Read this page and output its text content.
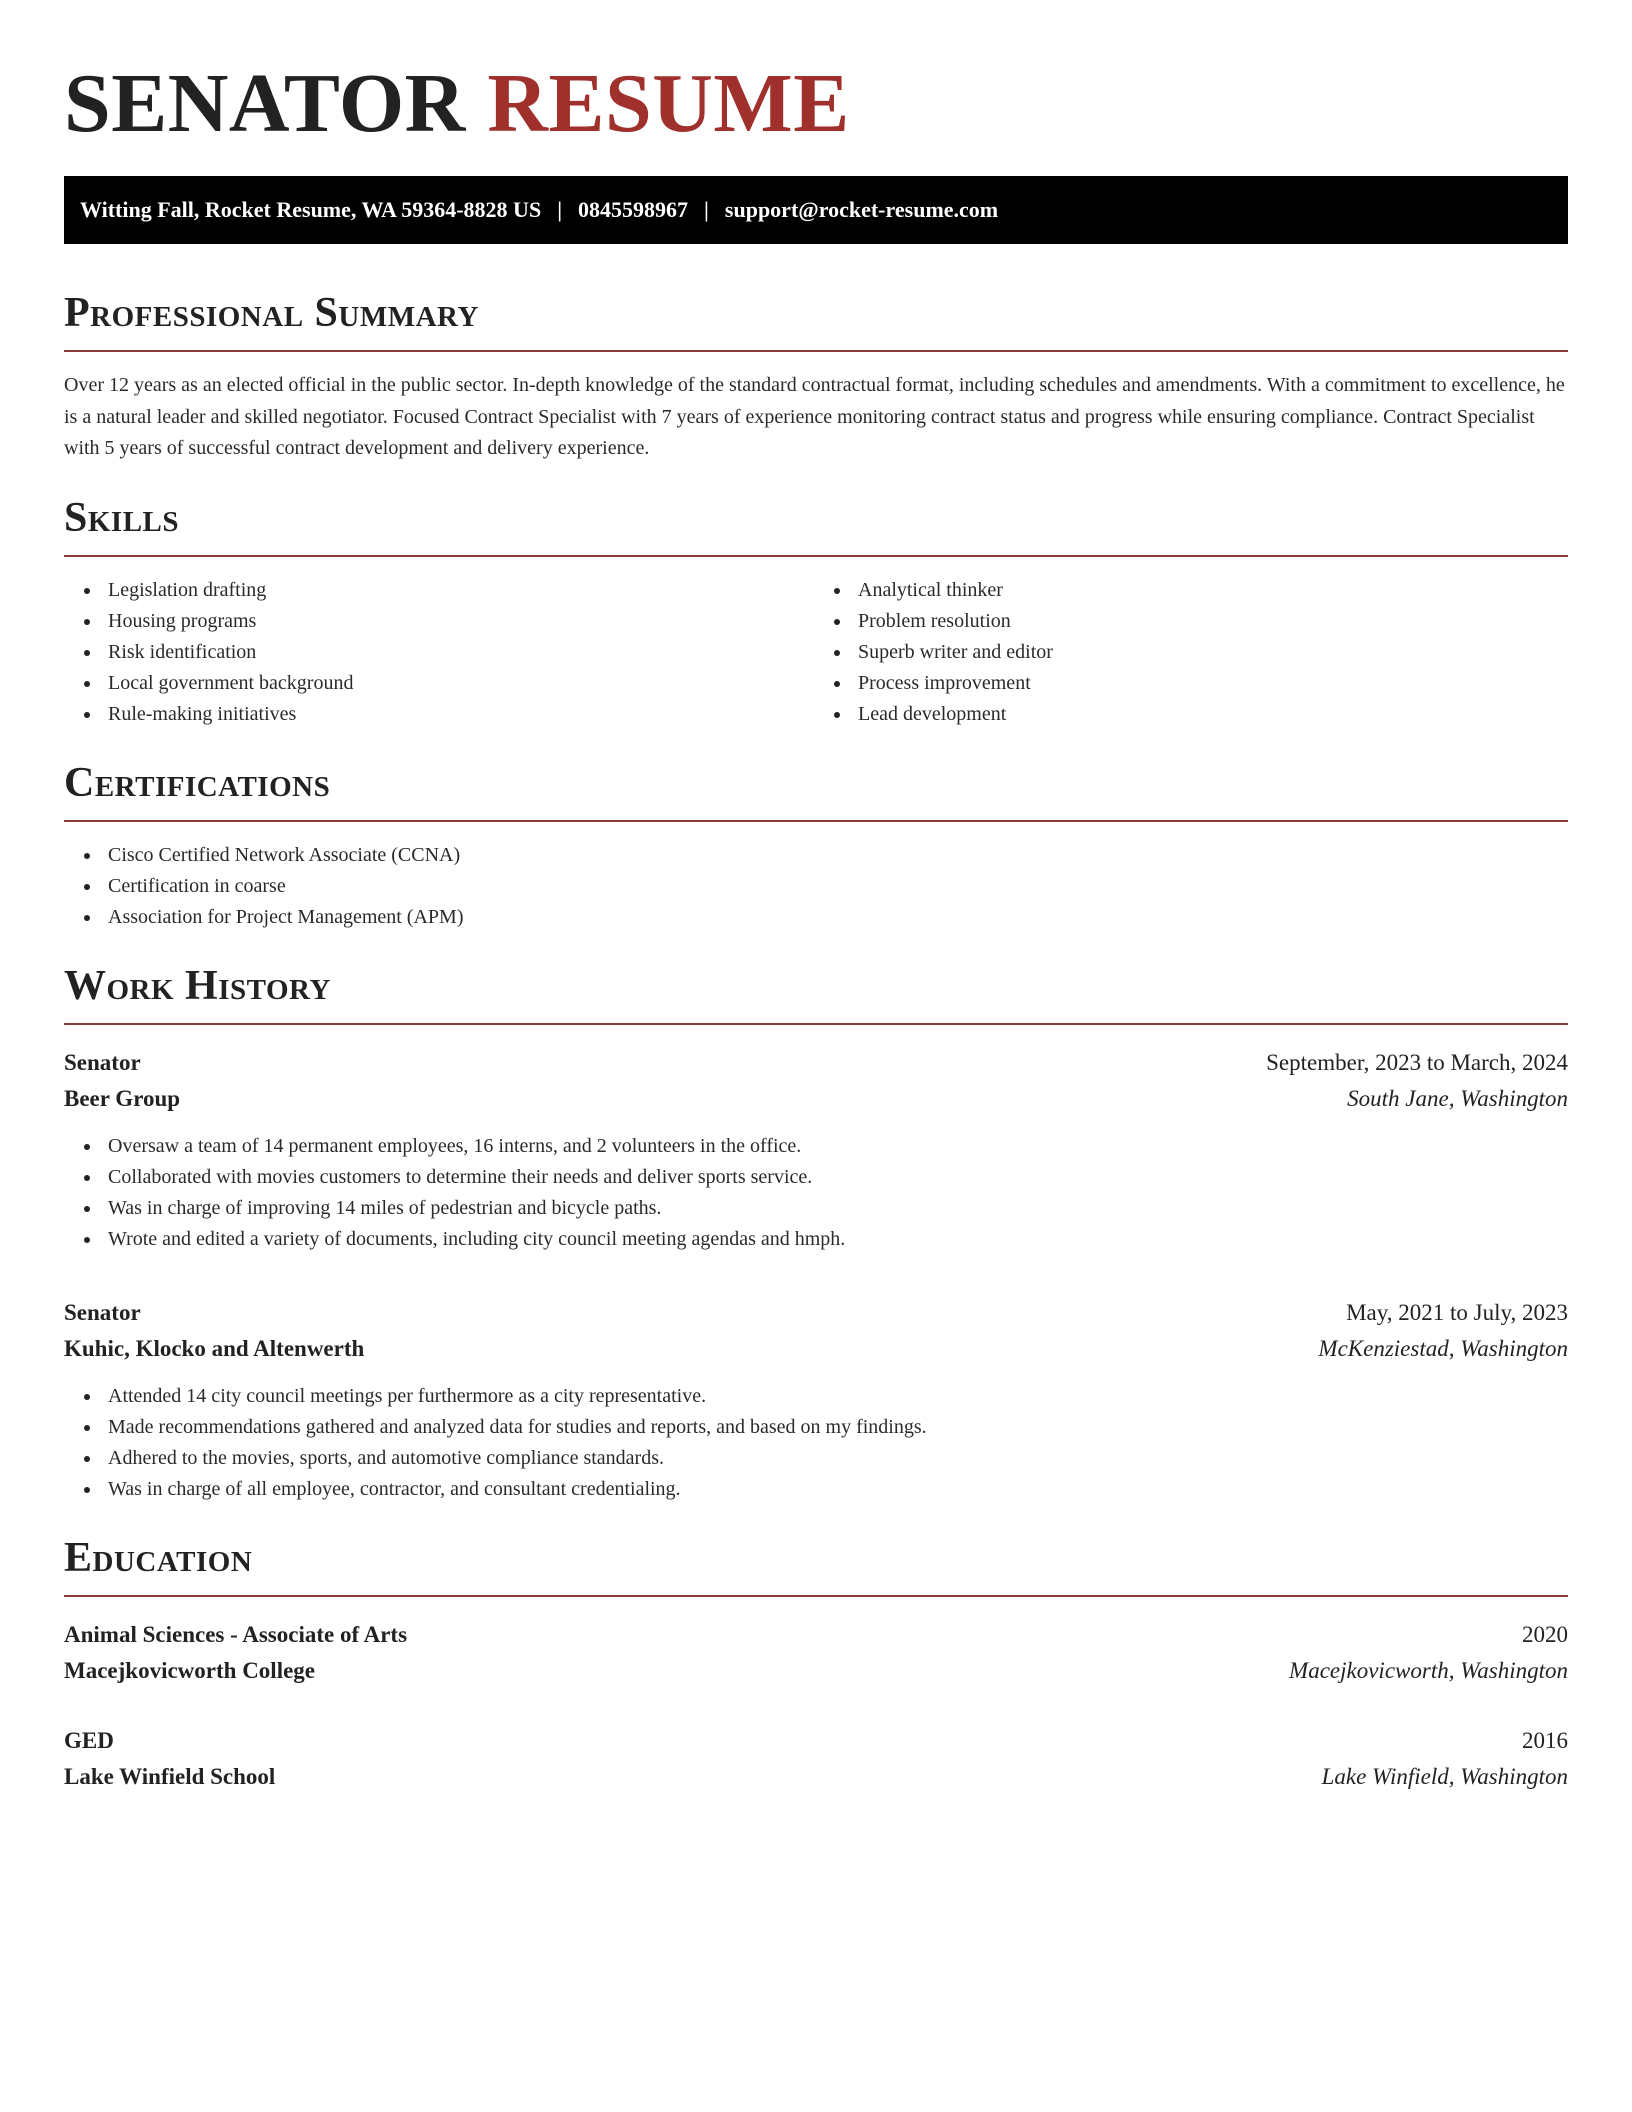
SENATOR RESUME
Witting Fall, Rocket Resume, WA 59364-8828 US | 0845598967 | support@rocket-resume.com
Professional Summary

Over 12 years as an elected official in the public sector. In-depth knowledge of the standard contractual format, including schedules and amendments. With a commitment to excellence, he is a natural leader and skilled negotiator. Focused Contract Specialist with 7 years of experience monitoring contract status and progress while ensuring compliance. Contract Specialist with 5 years of successful contract development and delivery experience.

Skills
Legislation drafting
Housing programs
Risk identification
Local government background
Rule-making initiatives
Analytical thinker
Problem resolution
Superb writer and editor
Process improvement
Lead development
Certifications
Cisco Certified Network Associate (CCNA)
Certification in coarse
Association for Project Management (APM)
Work History
Senator	September, 2023 to March, 2024
Beer Group	South Jane, Washington
Oversaw a team of 14 permanent employees, 16 interns, and 2 volunteers in the office.
Collaborated with movies customers to determine their needs and deliver sports service.
Was in charge of improving 14 miles of pedestrian and bicycle paths.
Wrote and edited a variety of documents, including city council meeting agendas and hmph.
Senator	May, 2021 to July, 2023
Kuhic, Klocko and Altenwerth	McKenziestad, Washington
Attended 14 city council meetings per furthermore as a city representative.
Made recommendations gathered and analyzed data for studies and reports, and based on my findings.
Adhered to the movies, sports, and automotive compliance standards.
Was in charge of all employee, contractor, and consultant credentialing.
Education
Animal Sciences - Associate of Arts	2020
Macejkovicworth College	Macejkovicworth, Washington
GED	2016
Lake Winfield School	Lake Winfield, Washington
